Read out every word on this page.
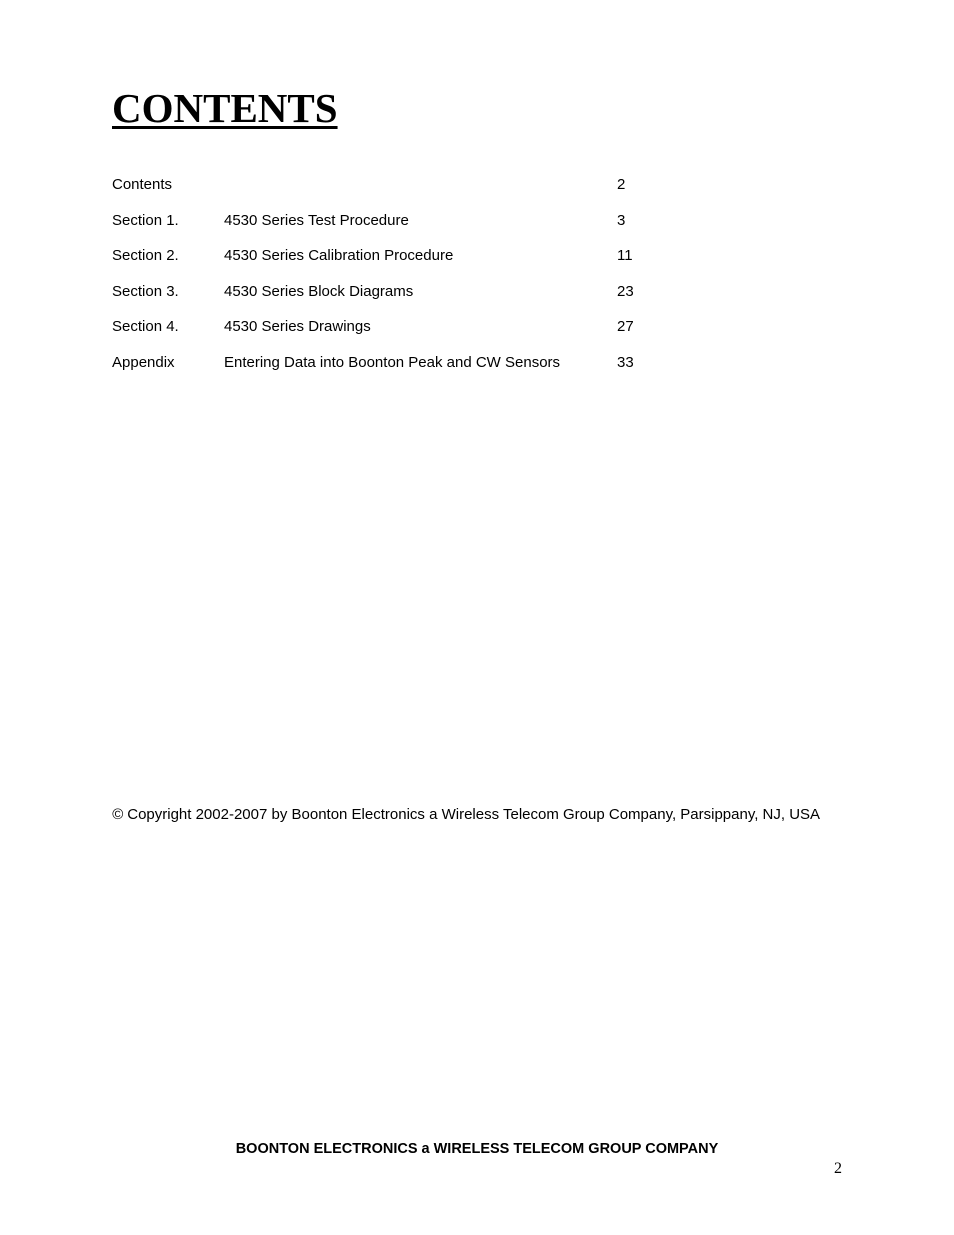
CONTENTS
Contents	2
Section 1.	4530 Series Test Procedure	3
Section 2.	4530 Series Calibration Procedure	11
Section 3.	4530 Series Block Diagrams	23
Section 4.	4530 Series Drawings	27
Appendix	Entering Data into Boonton Peak and CW Sensors	33
© Copyright 2002-2007 by Boonton Electronics a Wireless Telecom Group Company, Parsippany, NJ, USA
BOONTON ELECTRONICS a WIRELESS TELECOM GROUP COMPANY
2
